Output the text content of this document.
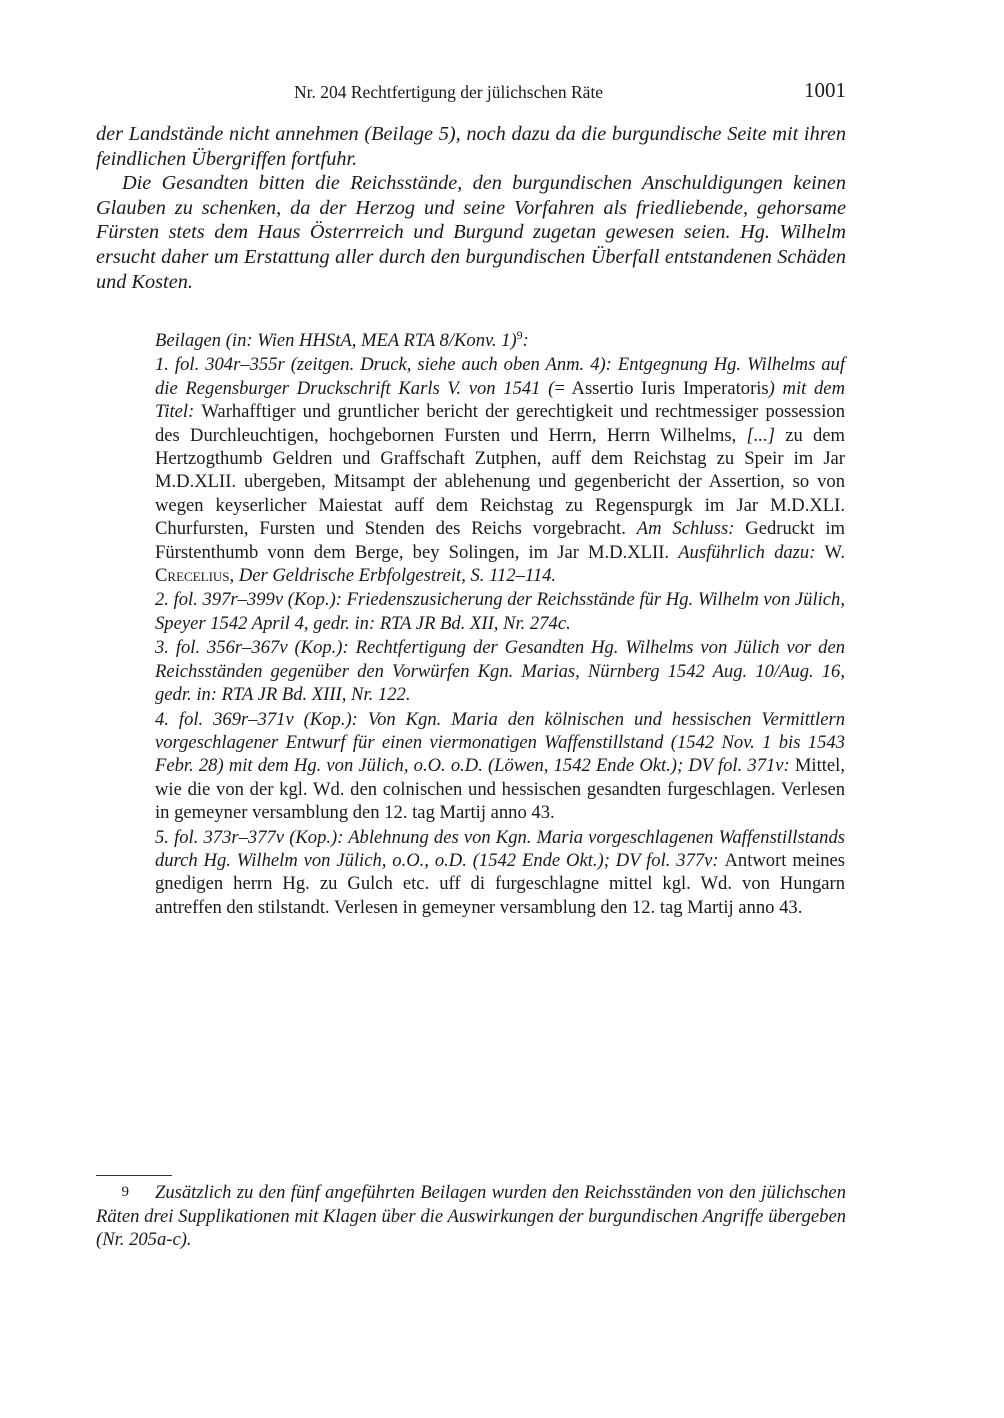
Nr. 204 Rechtfertigung der jülichschen Räte	1001

der Landstände nicht annehmen (Beilage 5), noch dazu da die burgundische Seite mit ihren feindlichen Übergriffen fortfuhr.

Die Gesandten bitten die Reichsstände, den burgundischen Anschuldigungen keinen Glauben zu schenken, da der Herzog und seine Vorfahren als friedliebende, gehorsame Fürsten stets dem Haus Österrreich und Burgund zugetan gewesen seien. Hg. Wilhelm ersucht daher um Erstattung aller durch den burgundischen Überfall entstandenen Schäden und Kosten.

Beilagen (in: Wien HHStA, MEA RTA 8/Konv. 1)$^9$:

1. fol. 304r–355r (zeitgen. Druck, siehe auch oben Anm. 4): Entgegnung Hg. Wilhelms auf die Regensburger Druckschrift Karls V. von 1541 (= Assertio Iuris Imperatoris) mit dem Titel: Warhafftiger und gruntlicher bericht der gerechtigkeit und rechtmessiger possession des Durchleuchtigen, hochgebornen Fursten und Herrn, Herrn Wilhelms, [...] zu dem Hertzogthumb Geldren und Graffschaft Zutphen, auff dem Reichstag zu Speir im Jar M.D.XLII. ubergeben, Mitsampt der ablehenung und gegenbericht der Assertion, so von wegen keyserlicher Maiestat auff dem Reichstag zu Regenspurgk im Jar M.D.XLI. Churfursten, Fursten und Stenden des Reichs vorgebracht. Am Schluss: Gedruckt im Fürstenthumb vonn dem Berge, bey Solingen, im Jar M.D.XLII. Ausführlich dazu: W. Crecelius, Der Geldrische Erbfolgestreit, S. 112–114.

2. fol. 397r–399v (Kop.): Friedenszusicherung der Reichsstände für Hg. Wilhelm von Jülich, Speyer 1542 April 4, gedr. in: RTA JR Bd. XII, Nr. 274c.

3. fol. 356r–367v (Kop.): Rechtfertigung der Gesandten Hg. Wilhelms von Jülich vor den Reichsständen gegenüber den Vorwürfen Kgn. Marias, Nürnberg 1542 Aug. 10/Aug. 16, gedr. in: RTA JR Bd. XIII, Nr. 122.

4. fol. 369r–371v (Kop.): Von Kgn. Maria den kölnischen und hessischen Vermittlern vorgeschlagener Entwurf für einen viermonatigen Waffenstillstand (1542 Nov. 1 bis 1543 Febr. 28) mit dem Hg. von Jülich, o.O. o.D. (Löwen, 1542 Ende Okt.); DV fol. 371v: Mittel, wie die von der kgl. Wd. den colnischen und hessischen gesandten furgeschlagen. Verlesen in gemeyner versamblung den 12. tag Martij anno 43.

5. fol. 373r–377v (Kop.): Ablehnung des von Kgn. Maria vorgeschlagenen Waffenstillstands durch Hg. Wilhelm von Jülich, o.O., o.D. (1542 Ende Okt.); DV fol. 377v: Antwort meines gnedigen herrn Hg. zu Gulch etc. uff di furgeschlagne mittel kgl. Wd. von Hungarn antreffen den stilstandt. Verlesen in gemeyner versamblung den 12. tag Martij anno 43.

9 Zusätzlich zu den fünf angeführten Beilagen wurden den Reichsständen von den jülichschen Räten drei Supplikationen mit Klagen über die Auswirkungen der burgundischen Angriffe übergeben (Nr. 205a-c).
